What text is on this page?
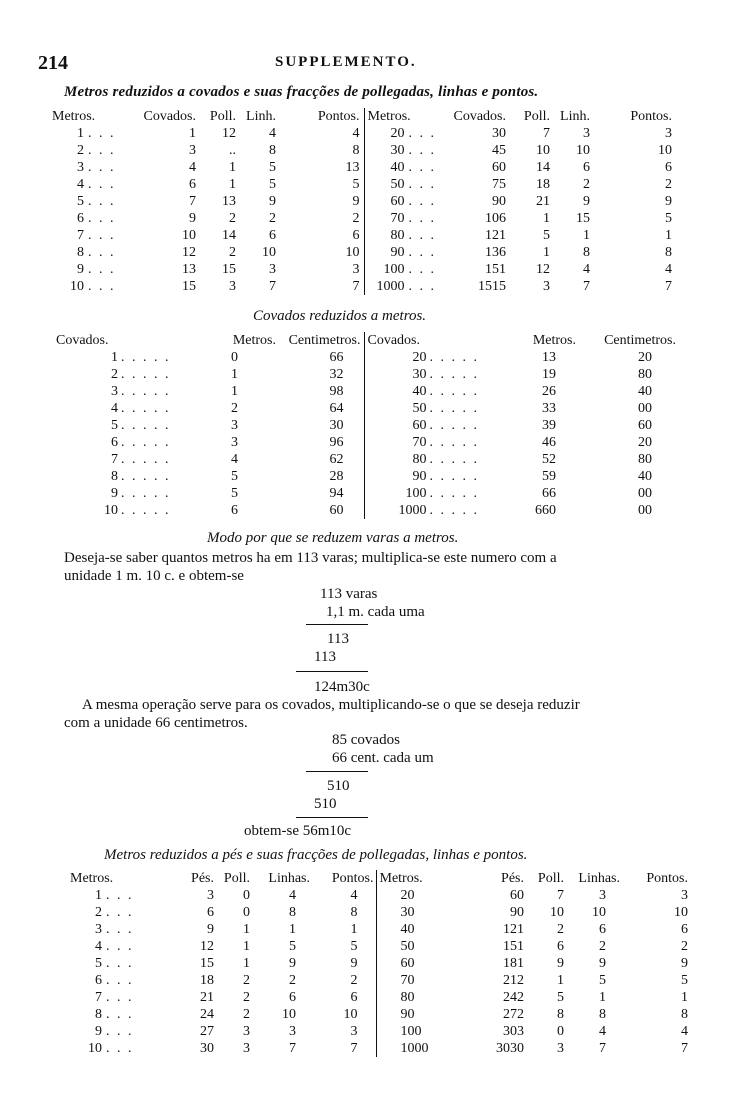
214	SUPPLEMENTO.
Metros reduzidos a covados e suas fracções de pollegadas, linhas e pontos.
Metros.	Covados.	Poll.	Linh.	Pontos.	Metros.	Covados.	Poll.	Linh.	Pontos.
1 . . .	1	12	4	4	20 . . .	30	7	3	3
2 . . .	3	..	8	8	30 . . .	45	10	10	10
3 . . .	4	1	5	13	40 . . .	60	14	6	6
4 . . .	6	1	5	5	50 . . .	75	18	2	2
5 . . .	7	13	9	9	60 . . .	90	21	9	9
6 . . .	9	2	2	2	70 . . .	106	1	15	5
7 . . .	10	14	6	6	80 . . .	121	5	1	1
8 . . .	12	2	10	10	90 . . .	136	1	8	8
9 . . .	13	15	3	3	100 . . .	151	12	4	4
10 . . .	15	3	7	7	1000 . . .	1515	3	7	7
Covados reduzidos a metros.
Covados.	Metros.	Centimetros.	Covados.	Metros.	Centimetros.
1 . . . . .	0	66	20 . . . . .	13	20
2 . . . . .	1	32	30 . . . . .	19	80
3 . . . . .	1	98	40 . . . . .	26	40
4 . . . . .	2	64	50 . . . . .	33	00
5 . . . . .	3	30	60 . . . . .	39	60
6 . . . . .	3	96	70 . . . . .	46	20
7 . . . . .	4	62	80 . . . . .	52	80
8 . . . . .	5	28	90 . . . . .	59	40
9 . . . . .	5	94	100 . . . . .	66	00
10 . . . . .	6	60	1000 . . . . .	660	00
Modo por que se reduzem varas a metros.
Deseja-se saber quantos metros ha em 113 varas; multiplica-se este numero com a
unidade 1 m. 10 c. e obtem-se
113 varas
1,1 m. cada uma
113
113
124m30c
A mesma operação serve para os covados, multiplicando-se o que se deseja reduzir
com a unidade 66 centimetros.
85 covados
66 cent. cada um
510
510
obtem-se 56m10c
Metros reduzidos a pés e suas fracções de pollegadas, linhas e pontos.
Metros.	Pés.	Poll.	Linhas.	Pontos.	Metros.	Pés.	Poll.	Linhas.	Pontos.
1 . . .	3	0	4	4	20	60	7	3	3
2 . . .	6	0	8	8	30	90	10	10	10
3 . . .	9	1	1	1	40	121	2	6	6
4 . . .	12	1	5	5	50	151	6	2	2
5 . . .	15	1	9	9	60	181	9	9	9
6 . . .	18	2	2	2	70	212	1	5	5
7 . . .	21	2	6	6	80	242	5	1	1
8 . . .	24	2	10	10	90	272	8	8	8
9 . . .	27	3	3	3	100	303	0	4	4
10 . . .	30	3	7	7	1000	3030	3	7	7
